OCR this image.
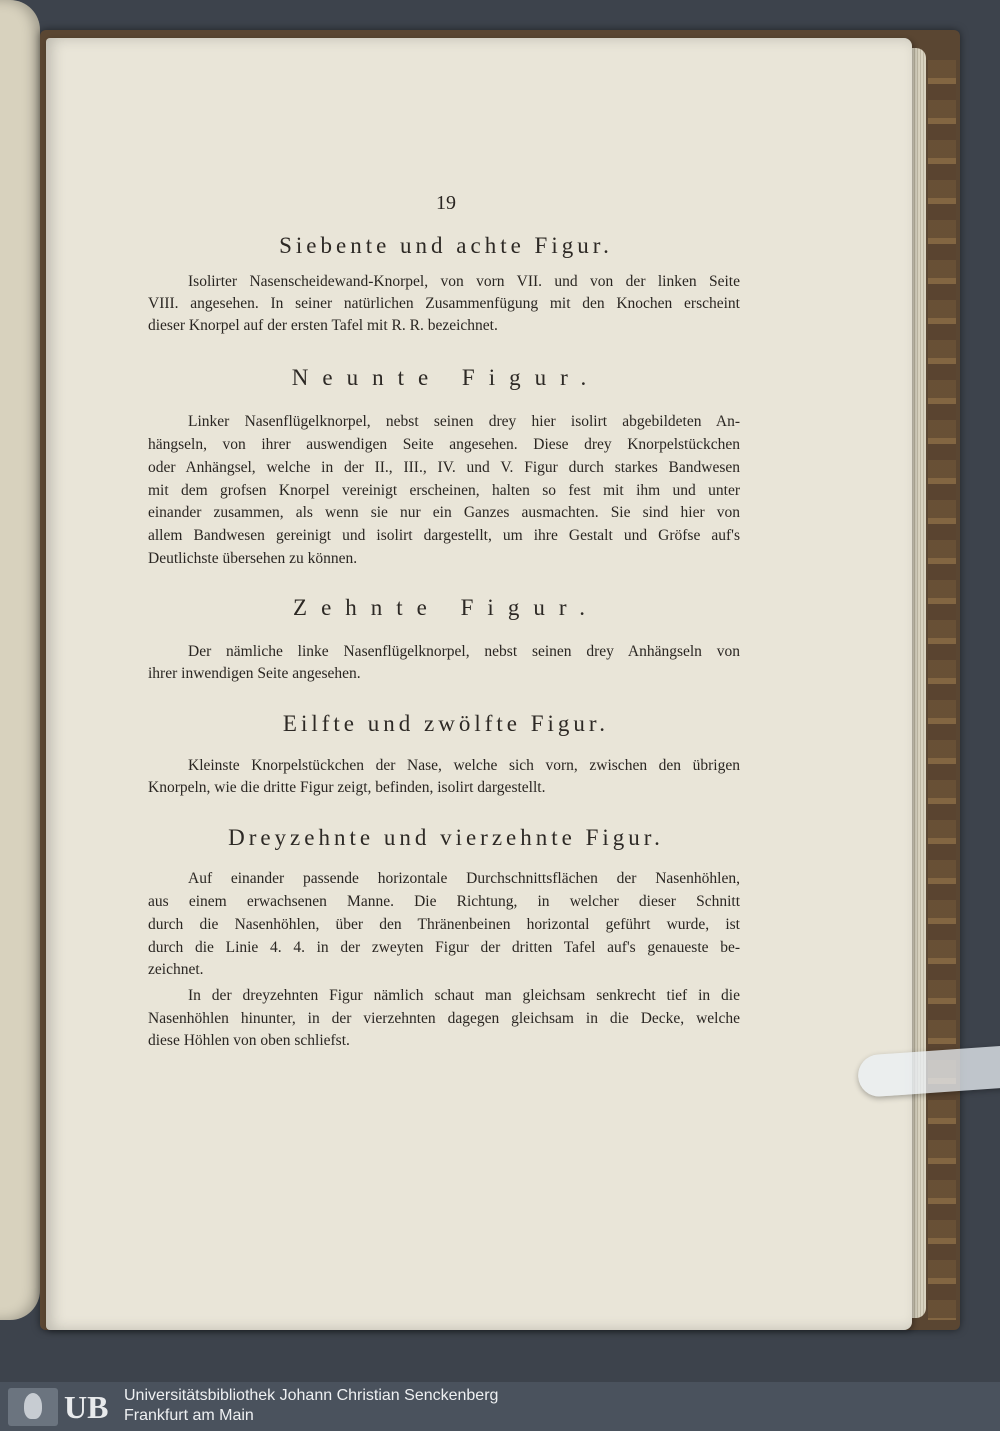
19
Siebente und achte Figur.
Isolirter Nasenscheidewand-Knorpel, von vorn VII. und von der linken Seite
VIII. angesehen. In seiner natürlichen Zusammenfügung mit den Knochen erscheint
dieser Knorpel auf der ersten Tafel mit R. R. bezeichnet.
Neunte Figur.
Linker Nasenflügelknorpel, nebst seinen drey hier isolirt abgebildeten An-
hängseln, von ihrer auswendigen Seite angesehen. Diese drey Knorpelstückchen
oder Anhängsel, welche in der II., III., IV. und V. Figur durch starkes Bandwesen
mit dem grofsen Knorpel vereinigt erscheinen, halten so fest mit ihm und unter
einander zusammen, als wenn sie nur ein Ganzes ausmachten. Sie sind hier von
allem Bandwesen gereinigt und isolirt dargestellt, um ihre Gestalt und Gröfse auf's
Deutlichste übersehen zu können.
Zehnte Figur.
Der nämliche linke Nasenflügelknorpel, nebst seinen drey Anhängseln von
ihrer inwendigen Seite angesehen.
Eilfte und zwölfte Figur.
Kleinste Knorpelstückchen der Nase, welche sich vorn, zwischen den übrigen
Knorpeln, wie die dritte Figur zeigt, befinden, isolirt dargestellt.
Dreyzehnte und vierzehnte Figur.
Auf einander passende horizontale Durchschnittsflächen der Nasenhöhlen,
aus einem erwachsenen Manne. Die Richtung, in welcher dieser Schnitt
durch die Nasenhöhlen, über den Thränenbeinen horizontal geführt wurde, ist
durch die Linie 4. 4. in der zweyten Figur der dritten Tafel auf's genaueste be-
zeichnet.
In der dreyzehnten Figur nämlich schaut man gleichsam senkrecht tief in die
Nasenhöhlen hinunter, in der vierzehnten dagegen gleichsam in die Decke, welche
diese Höhlen von oben schliefst.
UB Universitätsbibliothek Johann Christian Senckenberg
Frankfurt am Main
